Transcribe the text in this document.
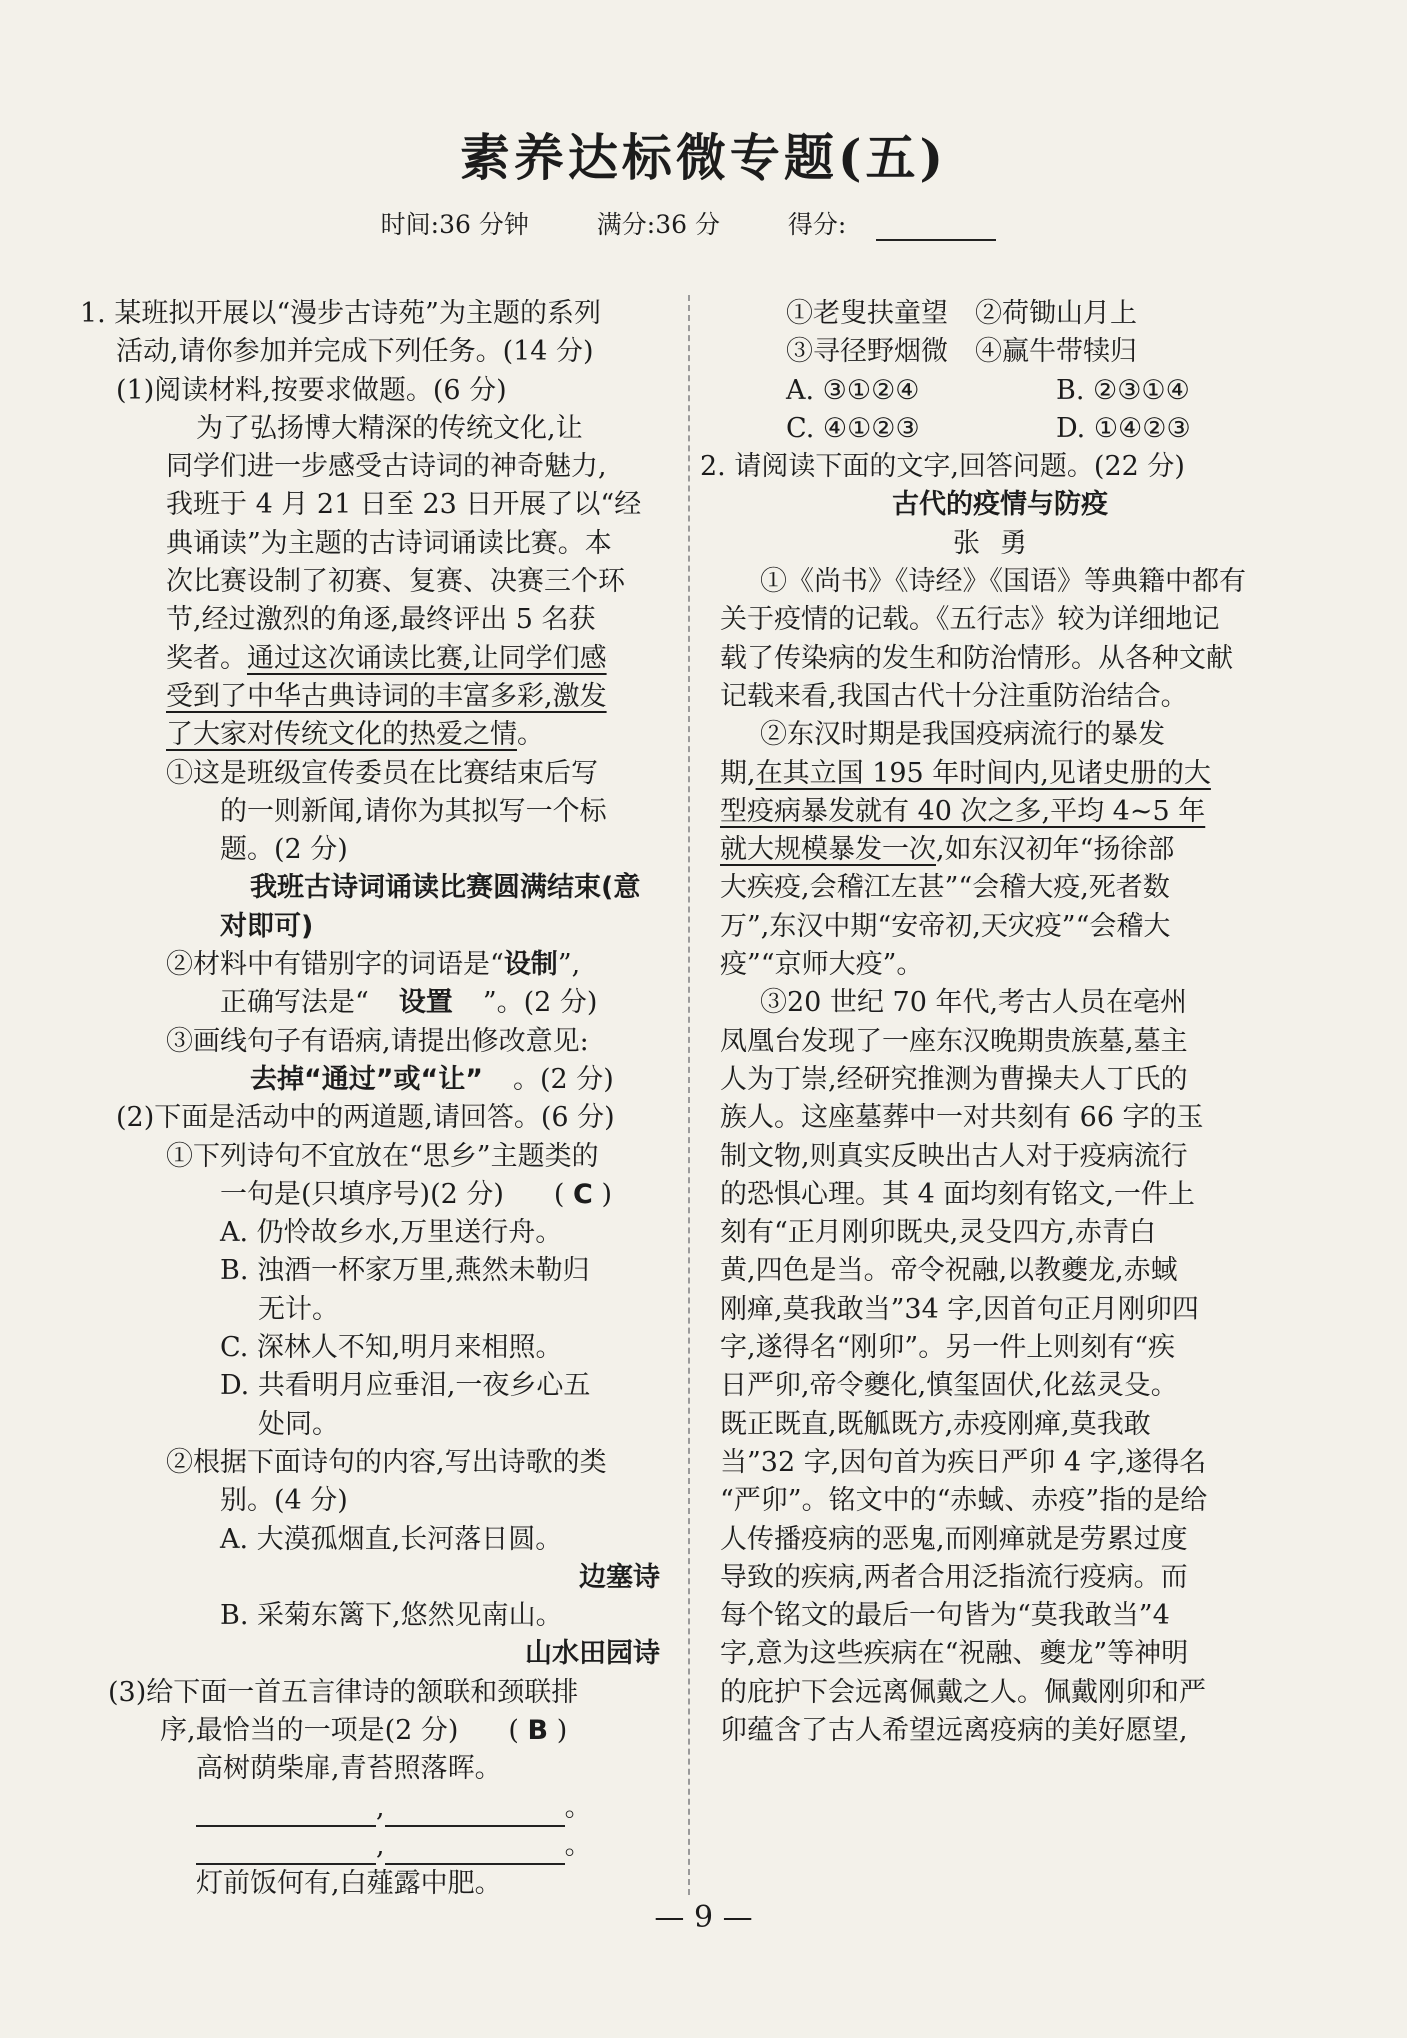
素养达标微专题(五)
时间:36 分钟	满分:36 分	得分:
1. 某班拟开展以“漫步古诗苑”为主题的系列
活动,请你参加并完成下列任务。(14 分)
(1)阅读材料,按要求做题。(6 分)
为了弘扬博大精深的传统文化,让
同学们进一步感受古诗词的神奇魅力,
我班于 4 月 21 日至 23 日开展了以“经
典诵读”为主题的古诗词诵读比赛。本
次比赛设制了初赛、复赛、决赛三个环
节,经过激烈的角逐,最终评出 5 名获
奖者。通过这次诵读比赛,让同学们感
受到了中华古典诗词的丰富多彩,激发
了大家对传统文化的热爱之情。
①这是班级宣传委员在比赛结束后写
的一则新闻,请你为其拟写一个标
题。(2 分)
我班古诗词诵读比赛圆满结束(意
对即可)
②材料中有错别字的词语是“设制”,
正确写法是“ 设置 ”。(2 分)
③画线句子有语病,请提出修改意见:
去掉“通过”或“让” 。(2 分)
(2)下面是活动中的两道题,请回答。(6 分)
①下列诗句不宜放在“思乡”主题类的
一句是(只填序号)(2 分) ( C )
A. 仍怜故乡水,万里送行舟。
B. 浊酒一杯家万里,燕然未勒归
无计。
C. 深林人不知,明月来相照。
D. 共看明月应垂泪,一夜乡心五
处同。
②根据下面诗句的内容,写出诗歌的类
别。(4 分)
A. 大漠孤烟直,长河落日圆。
边塞诗
B. 采菊东篱下,悠然见南山。
山水田园诗
(3)给下面一首五言律诗的颔联和颈联排
序,最恰当的一项是(2 分) ( B )
高树荫柴扉,青苔照落晖。
,	。
,	。
灯前饭何有,白薤露中肥。
①老叟扶童望　②荷锄山月上
③寻径野烟微　④赢牛带犊归
A. ③①②④	B. ②③①④
C. ④①②③	D. ①④②③
2. 请阅读下面的文字,回答问题。(22 分)
古代的疫情与防疫
张勇
①《尚书》《诗经》《国语》等典籍中都有
关于疫情的记载。《五行志》较为详细地记
载了传染病的发生和防治情形。从各种文献
记载来看,我国古代十分注重防治结合。
②东汉时期是我国疫病流行的暴发
期,在其立国 195 年时间内,见诸史册的大
型疫病暴发就有 40 次之多,平均 4~5 年
就大规模暴发一次,如东汉初年“扬徐部
大疾疫,会稽江左甚”“会稽大疫,死者数
万”,东汉中期“安帝初,天灾疫”“会稽大
疫”“京师大疫”。
③20 世纪 70 年代,考古人员在亳州
凤凰台发现了一座东汉晚期贵族墓,墓主
人为丁崇,经研究推测为曹操夫人丁氏的
族人。这座墓葬中一对共刻有 66 字的玉
制文物,则真实反映出古人对于疫病流行
的恐惧心理。其 4 面均刻有铭文,一件上
刻有“正月刚卯既央,灵殳四方,赤青白
黄,四色是当。帝令祝融,以教夔龙,赤蜮
刚瘅,莫我敢当”34 字,因首句正月刚卯四
字,遂得名“刚卯”。另一件上则刻有“疾
日严卯,帝令夔化,慎玺固伏,化兹灵殳。
既正既直,既觚既方,赤疫刚瘅,莫我敢
当”32 字,因句首为疾日严卯 4 字,遂得名
“严卯”。铭文中的“赤蜮、赤疫”指的是给
人传播疫病的恶鬼,而刚瘅就是劳累过度
导致的疾病,两者合用泛指流行疫病。而
每个铭文的最后一句皆为“莫我敢当”4
字,意为这些疾病在“祝融、夔龙”等神明
的庇护下会远离佩戴之人。佩戴刚卯和严
卯蕴含了古人希望远离疫病的美好愿望,
— 9 —
